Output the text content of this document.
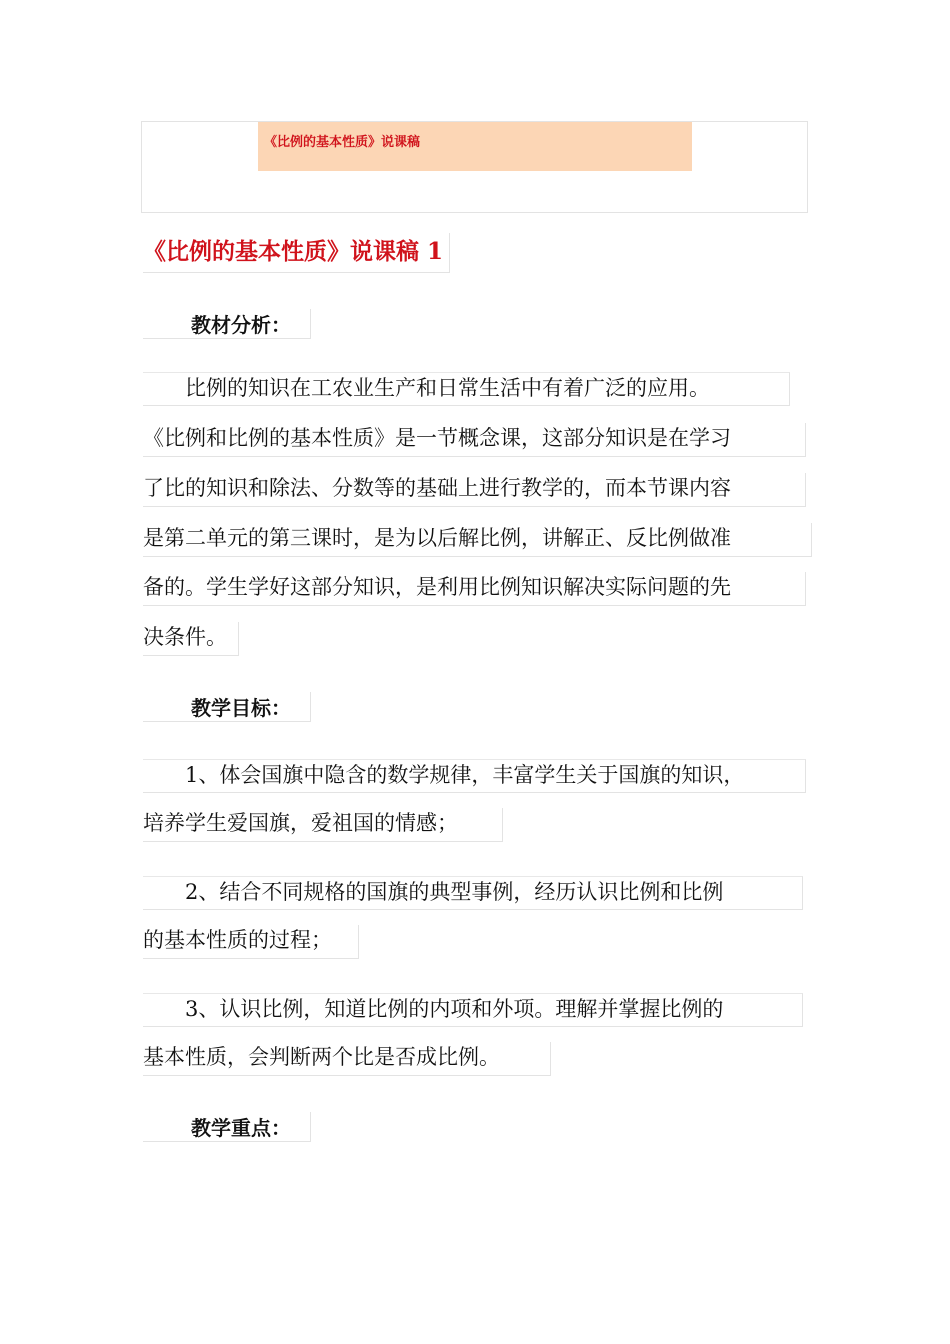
《比例的基本性质》说课稿
《比例的基本性质》说课稿 1
教材分析：
　　比例的知识在工农业生产和日常生活中有着广泛的应用。
《比例和比例的基本性质》是一节概念课，这部分知识是在学习
了比的知识和除法、分数等的基础上进行教学的，而本节课内容
是第二单元的第三课时，是为以后解比例，讲解正、反比例做准
备的。学生学好这部分知识，是利用比例知识解决实际问题的先
决条件。
教学目标：
　　1、体会国旗中隐含的数学规律，丰富学生关于国旗的知识，
培养学生爱国旗，爱祖国的情感；
　　2、结合不同规格的国旗的典型事例，经历认识比例和比例
的基本性质的过程；
　　3、认识比例，知道比例的内项和外项。理解并掌握比例的
基本性质，会判断两个比是否成比例。
教学重点：
